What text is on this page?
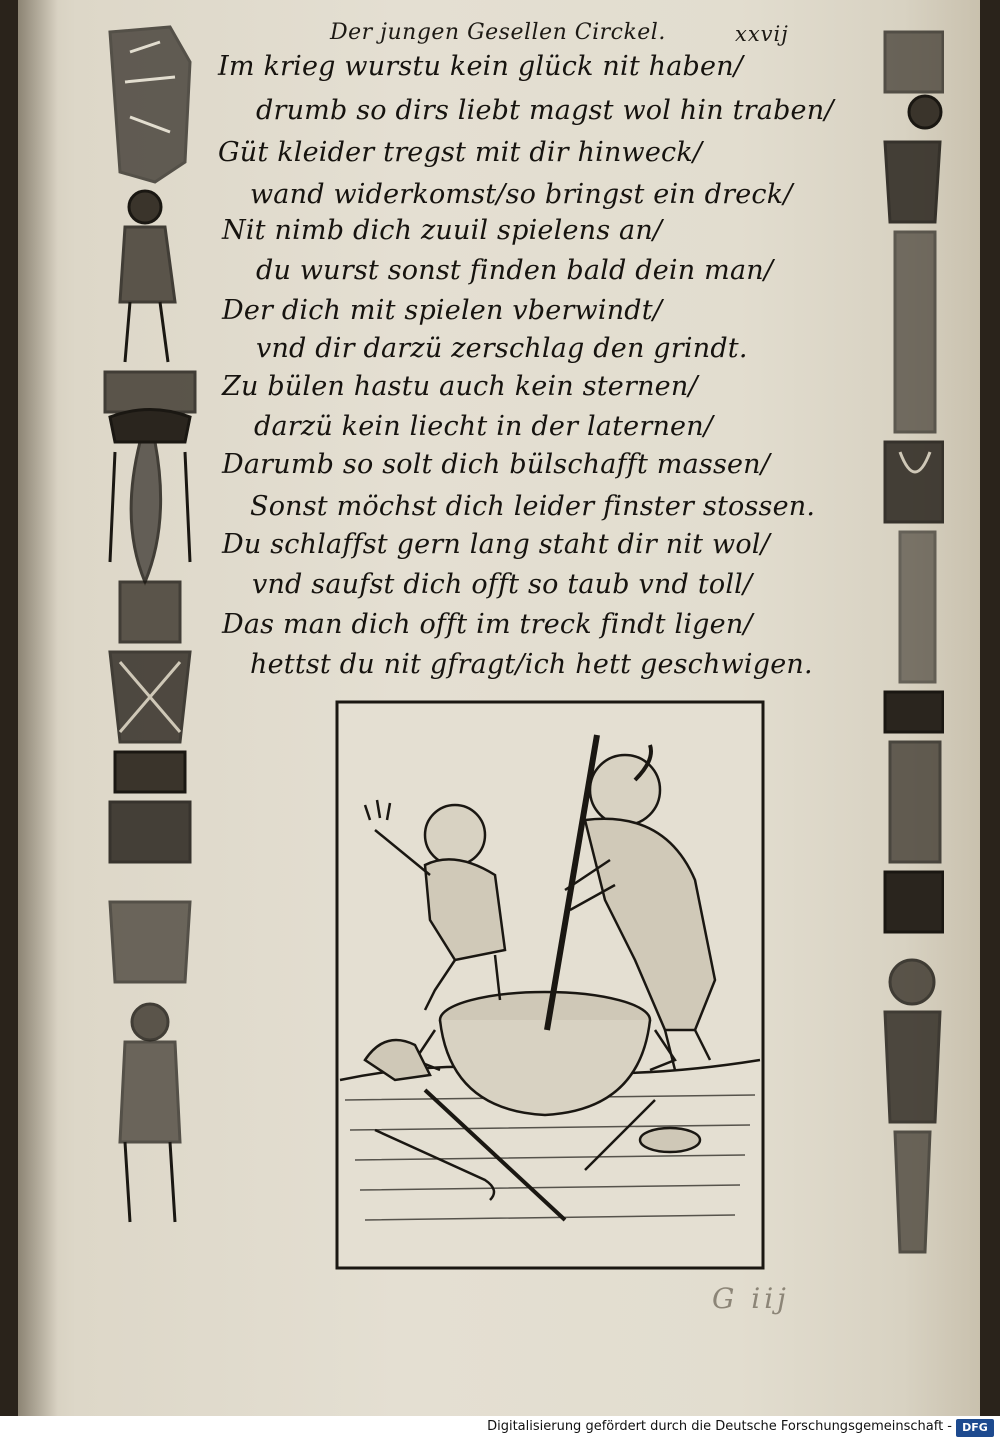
Der jungen Gesellen Circkel.	xxvij
Im krieg wurstu kein glück nit haben/
drumb so dirs liebt magst wol hin traben/
Güt kleider tregst mit dir hinweck/
wand widerkomst/so bringst ein dreck/
Nit nimb dich zuuil spielens an/
du wurst sonst finden bald dein man/
Der dich mit spielen vberwindt/
vnd dir darzü zerschlag den grindt.
Zu bülen hastu auch kein sternen/
darzü kein liecht in der laternen/
Darumb so solt dich bülschafft massen/
Sonst möchst dich leider finster stossen.
Du schlaffst gern lang staht dir nit wol/
vnd saufst dich offt so taub vnd toll/
Das man dich offt im treck findt ligen/
hettst du nit gfragt/ich hett geschwigen.
G iij
Digitalisierung gefördert durch die Deutsche Forschungsgemeinschaft - DFG
